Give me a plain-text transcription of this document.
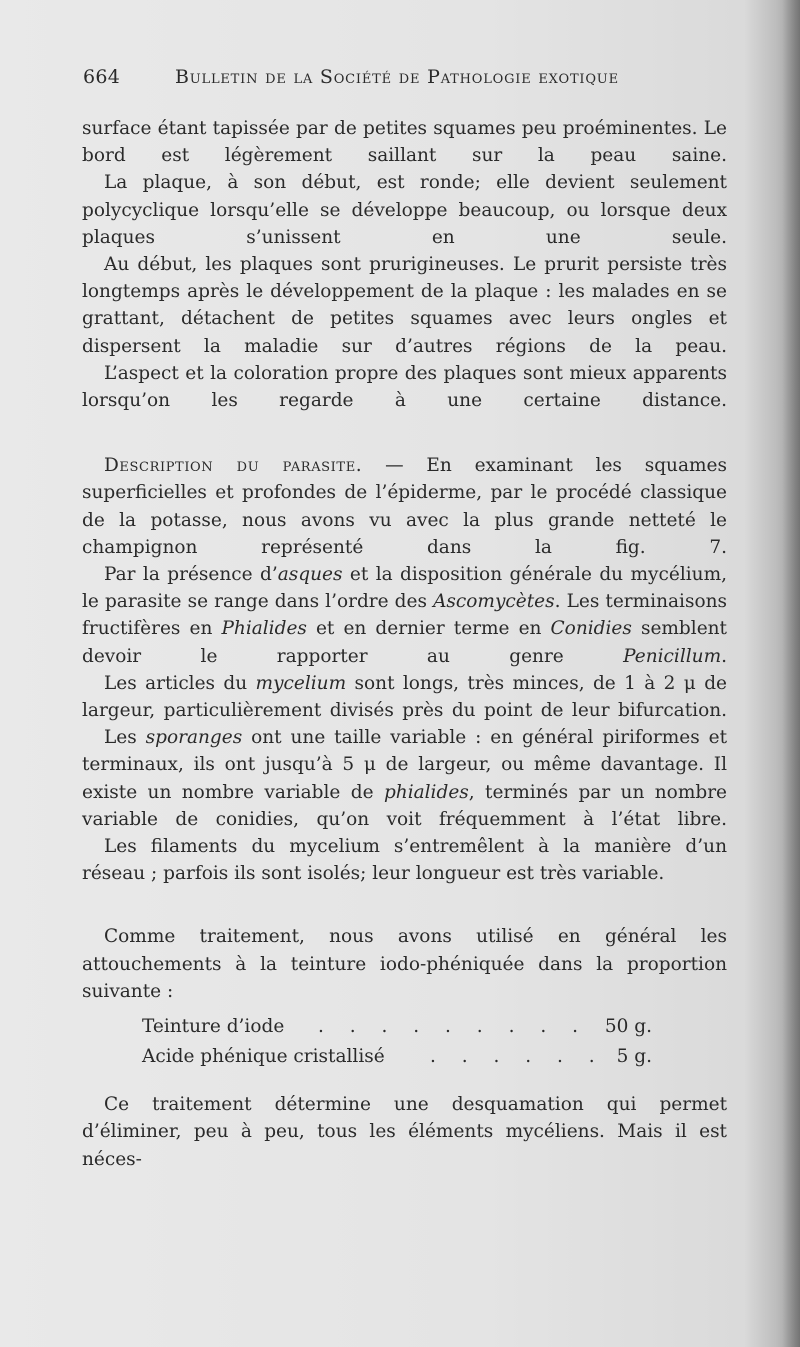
664	Bulletin de la Société de Pathologie exotique

surface étant tapissée par de petites squames peu proéminentes. Le bord est légèrement saillant sur la peau saine.

La plaque, à son début, est ronde; elle devient seulement polycyclique lorsqu’elle se développe beaucoup, ou lorsque deux plaques s’unissent en une seule.

Au début, les plaques sont prurigineuses. Le prurit persiste très longtemps après le développement de la plaque : les malades en se grattant, détachent de petites squames avec leurs ongles et dispersent la maladie sur d’autres régions de la peau.

L’aspect et la coloration propre des plaques sont mieux apparents lorsqu’on les regarde à une certaine distance.

Description du parasite. — En examinant les squames superficielles et profondes de l’épiderme, par le procédé classique de la potasse, nous avons vu avec la plus grande netteté le champignon représenté dans la fig. 7.

Par la présence d’asques et la disposition générale du mycélium, le parasite se range dans l’ordre des Ascomycètes. Les terminaisons fructifères en Phialides et en dernier terme en Conidies semblent devoir le rapporter au genre Penicillum.

Les articles du mycelium sont longs, très minces, de 1 à 2 μ de largeur, particulièrement divisés près du point de leur bifurcation.

Les sporanges ont une taille variable : en général piriformes et terminaux, ils ont jusqu’à 5 μ de largeur, ou même davantage. Il existe un nombre variable de phialides, terminés par un nombre variable de conidies, qu’on voit fréquemment à l’état libre.

Les filaments du mycelium s’entremêlent à la manière d’un réseau ; parfois ils sont isolés; leur longueur est très variable.

Comme traitement, nous avons utilisé en général les attouchements à la teinture iodo-phéniquée dans la proportion suivante :

Teinture d’iode . . . . . . . . . 50 g.
Acide phénique cristallisé . . . . . . 5 g.

Ce traitement détermine une desquamation qui permet d’éliminer, peu à peu, tous les éléments mycéliens. Mais il est néces-
